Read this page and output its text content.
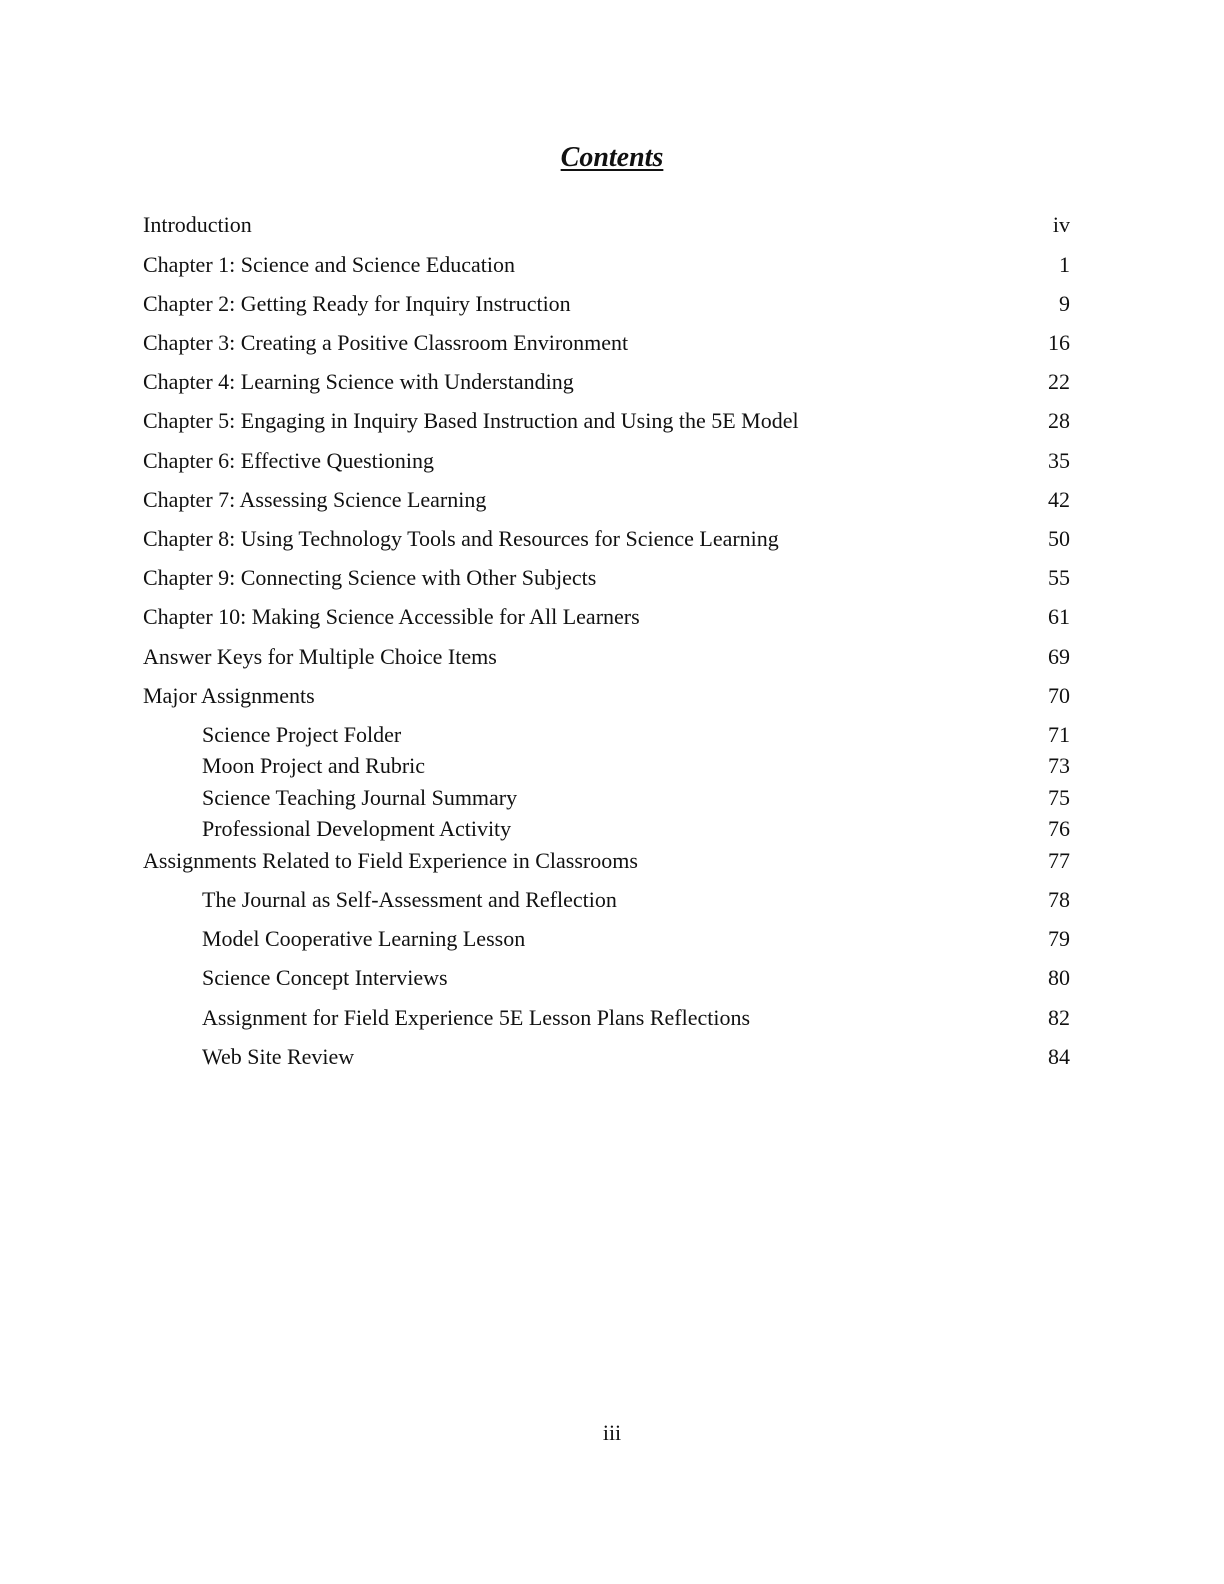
Contents
Introduction	iv
Chapter 1: Science and Science Education	1
Chapter 2: Getting Ready for Inquiry Instruction	9
Chapter 3: Creating a Positive Classroom Environment	16
Chapter 4: Learning Science with Understanding	22
Chapter 5: Engaging in Inquiry Based Instruction and Using the 5E Model	28
Chapter 6: Effective Questioning	35
Chapter 7: Assessing Science Learning	42
Chapter 8: Using Technology Tools and Resources for Science Learning	50
Chapter 9: Connecting Science with Other Subjects	55
Chapter 10: Making Science Accessible for All Learners	61
Answer Keys for Multiple Choice Items	69
Major Assignments	70
Science Project Folder	71
Moon Project and Rubric	73
Science Teaching Journal Summary	75
Professional Development Activity	76
Assignments Related to Field Experience in Classrooms	77
The Journal as Self-Assessment and Reflection	78
Model Cooperative Learning Lesson	79
Science Concept Interviews	80
Assignment for Field Experience 5E Lesson Plans Reflections	82
Web Site Review	84
iii
